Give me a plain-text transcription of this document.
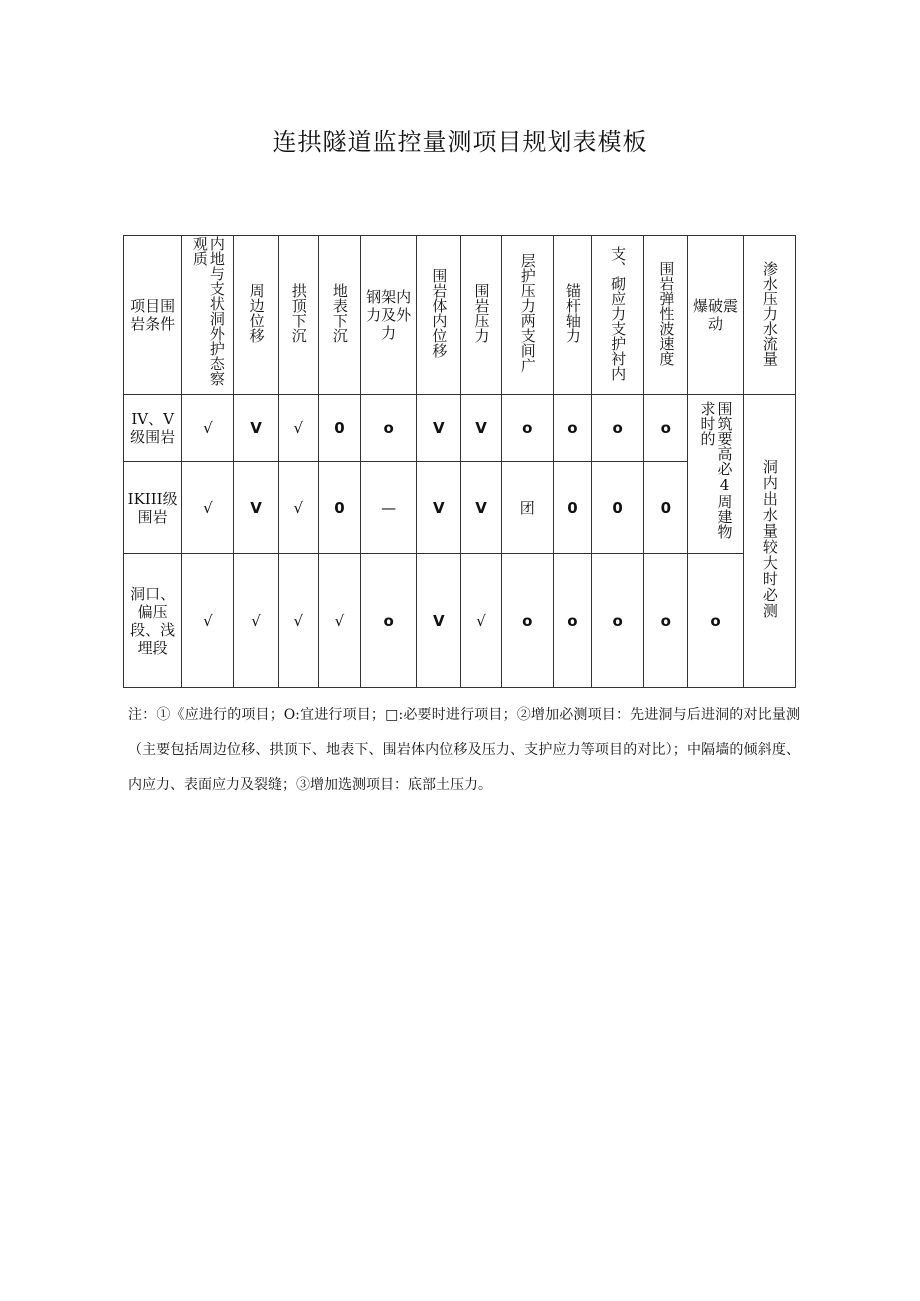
连拱隧道监控量测项目规划表模板
项目围岩条件	内地与支状洞外护态察观质	周边位移	拱顶下沉	地表下沉	钢架内力及外力	围岩体内位移	围岩压力	层护压力两支间广	锚杆轴力	支、砌应力支护衬内	围岩弹性波速度	爆破震动	渗水压力水流量
IV、V级围岩	√	V	√	0	o	V	V	o	o	o	o	围筑要高必4周建物求时的	洞内出水量较大时必测
IKIII级围岩	√	V	√	0	—	V	V	团	0	0	0		
洞口、偏压段、浅埋段	√	√	√	√	o	V	√	o	o	o	o	o	
注：①《应进行的项目；O:宜进行项目；□:必要时进行项目；②增加必测项目：先进洞与后进洞的对比量测（主要包括周边位移、拱顶下、地表下、围岩体内位移及压力、支护应力等项目的对比）；中隔墙的倾斜度、内应力、表面应力及裂缝；③增加选测项目：底部土压力。
